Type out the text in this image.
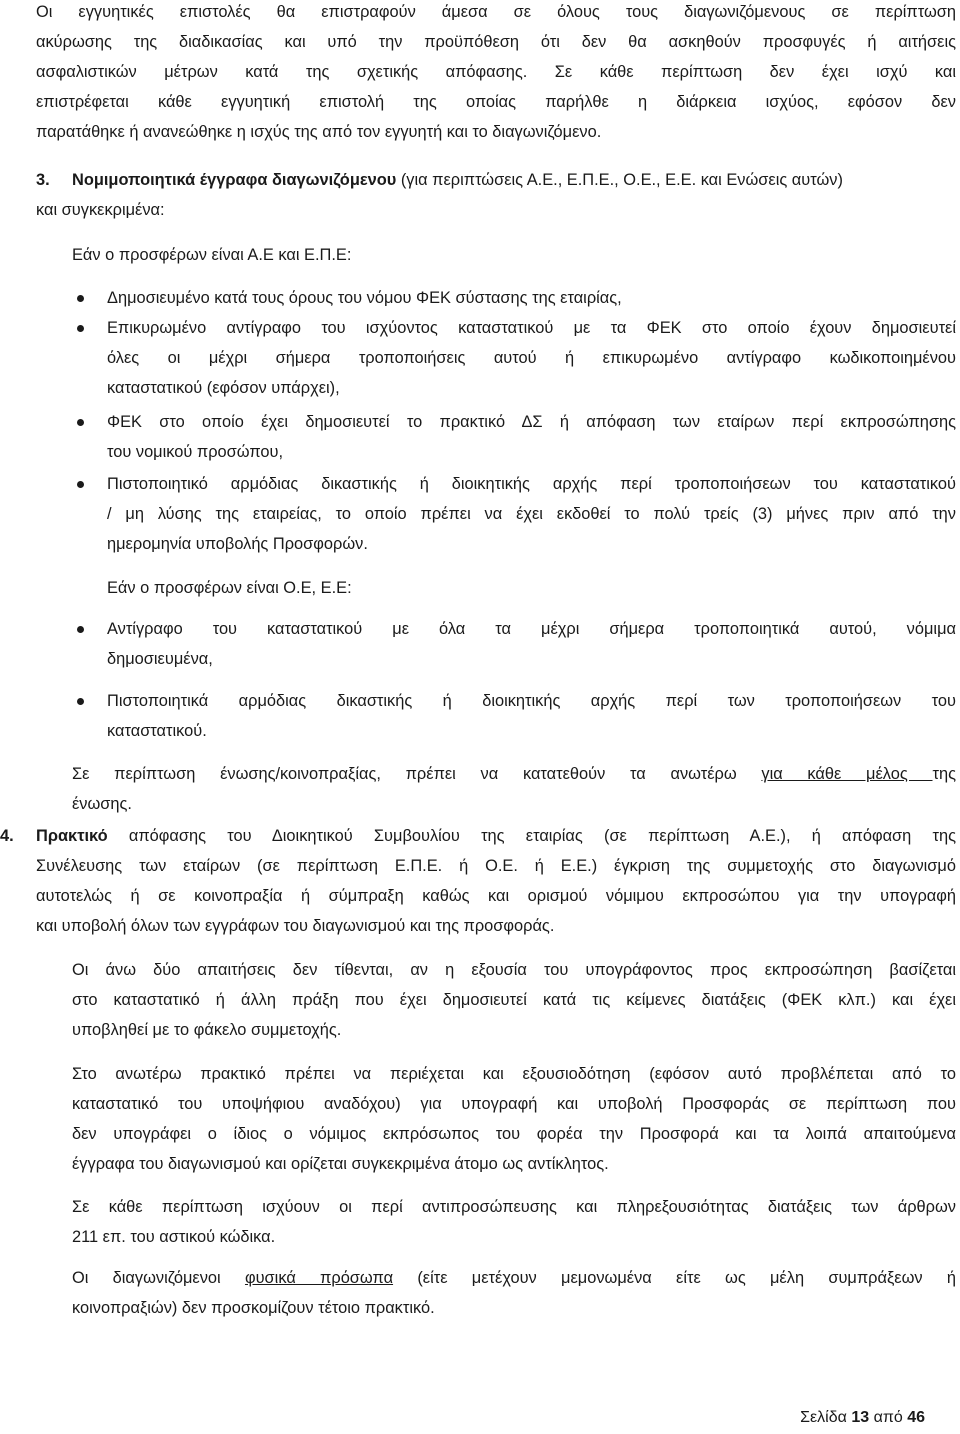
Οι εγγυητικές επιστολές θα επιστραφούν άμεσα σε όλους τους διαγωνιζόμενους σε περίπτωση
ακύρωσης της διαδικασίας και υπό την προϋπόθεση ότι δεν θα ασκηθούν προσφυγές ή αιτήσεις
ασφαλιστικών μέτρων κατά της σχετικής απόφασης. Σε κάθε περίπτωση δεν έχει ισχύ και
επιστρέφεται κάθε εγγυητική επιστολή της οποίας παρήλθε η διάρκεια ισχύος, εφόσον δεν
παρατάθηκε ή ανανεώθηκε η ισχύς της από τον εγγυητή και το διαγωνιζόμενο.
3. Νομιμοποιητικά έγγραφα διαγωνιζόμενου (για περιπτώσεις Α.Ε., Ε.Π.Ε., Ο.Ε., Ε.Ε. και Ενώσεις αυτών)
και συγκεκριμένα:
Εάν ο προσφέρων είναι Α.Ε και Ε.Π.Ε:
Δημοσιευμένο κατά τους όρους του νόμου ΦΕΚ σύστασης της εταιρίας,
Επικυρωμένο αντίγραφο του ισχύοντος καταστατικού με τα ΦΕΚ στο οποίο έχουν δημοσιευτεί
όλες οι μέχρι σήμερα τροποποιήσεις αυτού ή επικυρωμένο αντίγραφο κωδικοποιημένου
καταστατικού (εφόσον υπάρχει),
ΦΕΚ στο οποίο έχει δημοσιευτεί το πρακτικό ΔΣ ή απόφαση των εταίρων περί εκπροσώπησης
του νομικού προσώπου,
Πιστοποιητικό αρμόδιας δικαστικής ή διοικητικής αρχής περί τροποποιήσεων του καταστατικού
/ μη λύσης της εταιρείας, το οποίο πρέπει να έχει εκδοθεί το πολύ τρείς (3) μήνες πριν από την
ημερομηνία υποβολής Προσφορών.
Εάν ο προσφέρων είναι Ο.Ε, Ε.Ε:
Αντίγραφο του καταστατικού με όλα τα μέχρι σήμερα τροποποιητικά αυτού, νόμιμα
δημοσιευμένα,
Πιστοποιητικά αρμόδιας δικαστικής ή διοικητικής αρχής περί των τροποποιήσεων του
καταστατικού.
Σε περίπτωση ένωσης/κοινοπραξίας, πρέπει να κατατεθούν τα ανωτέρω για κάθε μέλος της
ένωσης.
4. Πρακτικό απόφασης του Διοικητικού Συμβουλίου της εταιρίας (σε περίπτωση Α.Ε.), ή απόφαση της
Συνέλευσης των εταίρων (σε περίπτωση Ε.Π.Ε. ή Ο.Ε. ή Ε.Ε.) έγκριση της συμμετοχής στο διαγωνισμό
αυτοτελώς ή σε κοινοπραξία ή σύμπραξη καθώς και ορισμού νόμιμου εκπροσώπου για την υπογραφή
και υποβολή όλων των εγγράφων του διαγωνισμού και της προσφοράς.
Οι άνω δύο απαιτήσεις δεν τίθενται, αν η εξουσία του υπογράφοντος προς εκπροσώπηση βασίζεται
στο καταστατικό ή άλλη πράξη που έχει δημοσιευτεί κατά τις κείμενες διατάξεις (ΦΕΚ κλπ.) και έχει
υποβληθεί με το φάκελο συμμετοχής.
Στο ανωτέρω πρακτικό πρέπει να περιέχεται και εξουσιοδότηση (εφόσον αυτό προβλέπεται από το
καταστατικό του υποψήφιου αναδόχου) για υπογραφή και υποβολή Προσφοράς σε περίπτωση που
δεν υπογράφει ο ίδιος ο νόμιμος εκπρόσωπος του φορέα την Προσφορά και τα λοιπά απαιτούμενα
έγγραφα του διαγωνισμού και ορίζεται συγκεκριμένα άτομο ως αντίκλητος.
Σε κάθε περίπτωση ισχύουν οι περί αντιπροσώπευσης και πληρεξουσιότητας διατάξεις των άρθρων
211 επ. του αστικού κώδικα.
Οι διαγωνιζόμενοι φυσικά πρόσωπα (είτε μετέχουν μεμονωμένα είτε ως μέλη συμπράξεων ή
κοινοπραξιών) δεν προσκομίζουν τέτοιο πρακτικό.
Σελίδα 13 από 46
